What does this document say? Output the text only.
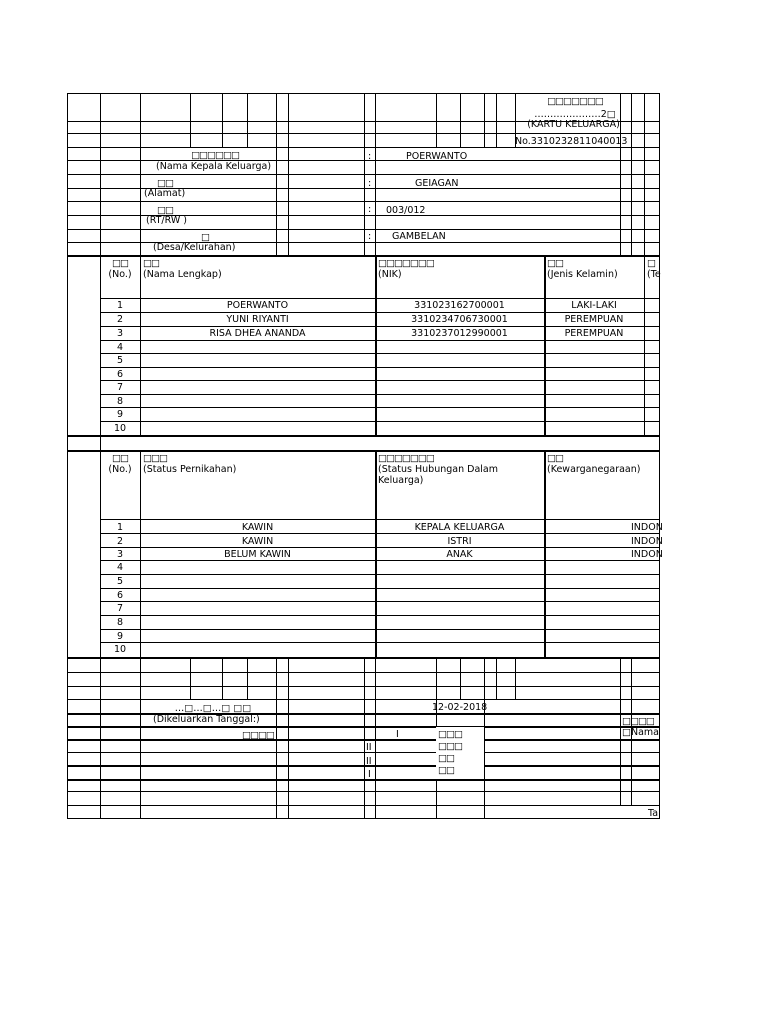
□□□□□□□
…………………2□
(KARTU KELUARGA)
No.3310232811040013
□□□□□□
(Nama Kepala Keluarga)
:	POERWANTO
□□
(Alamat)
:	GEIAGAN
□□
(RT/RW )
: 003/012
□
(Desa/Kelurahan)
: GAMBELAN
□□
(No.)
□□
(Nama Lengkap)
□□□□□□□
(NIK)
□□
(Jenis Kelamin)
□
(Te
1	POERWANTO	331023162700001	LAKI-LAKI
2	YUNI RIYANTI	3310234706730001	PEREMPUAN
3	RISA DHEA ANANDA	3310237012990001	PEREMPUAN
4
5
6
7
8
9
10
□□
(No.)
□□□
(Status Pernikahan)
□□□□□□□
(Status Hubungan Dalam
Keluarga)
□□
(Kewarganegaraan)
1	KAWIN	KEPALA KELUARGA	INDON
2	KAWIN	ISTRI	INDON
3	BELUM KAWIN	ANAK	INDON
4
5
6
7
8
9
10
…□…□…□ □□
(Dikeluarkan Tanggal:)
12-02-2018
□□□□	I
II
II
I
□□□
□□□
□□
□□
□□□□
□Nama
Ta
